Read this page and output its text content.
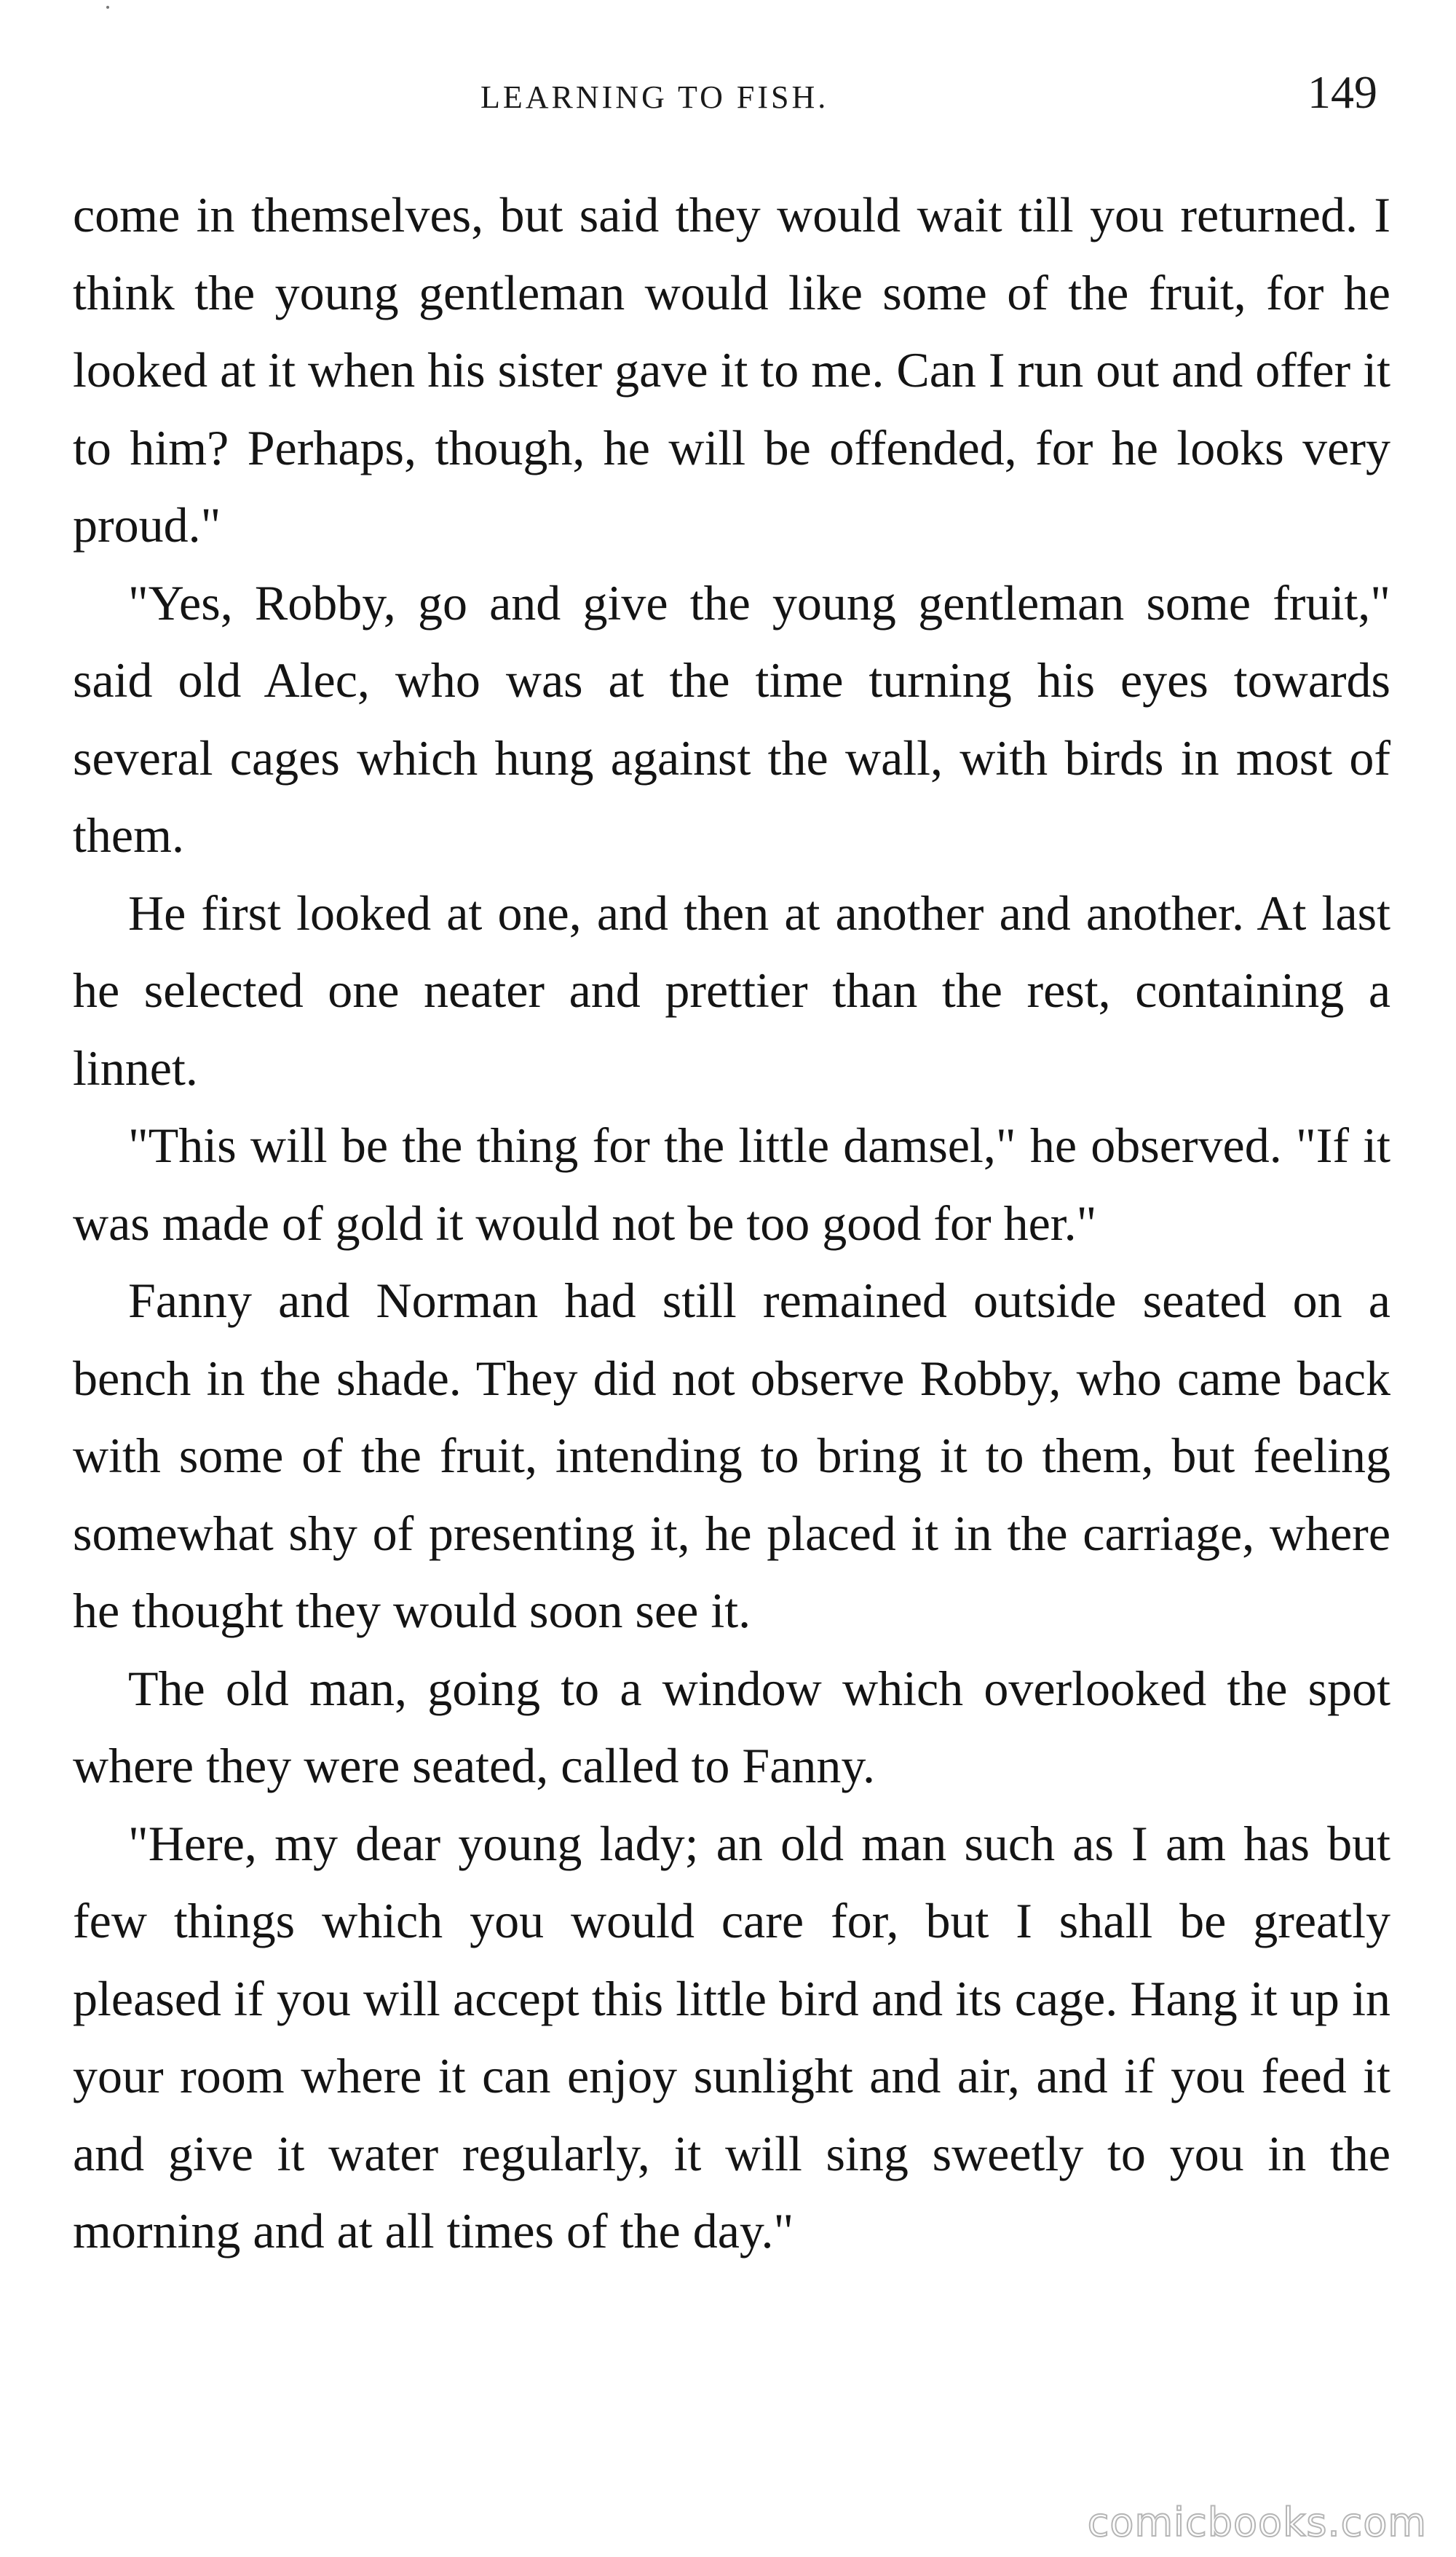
LEARNING TO FISH.	149

come in themselves, but said they would wait till you returned. I think the young gentleman would like some of the fruit, for he looked at it when his sister gave it to me. Can I run out and offer it to him? Perhaps, though, he will be offended, for he looks very proud."

"Yes, Robby, go and give the young gentleman some fruit," said old Alec, who was at the time turning his eyes towards several cages which hung against the wall, with birds in most of them.

He first looked at one, and then at another and another. At last he selected one neater and prettier than the rest, containing a linnet.

"This will be the thing for the little damsel," he observed. "If it was made of gold it would not be too good for her."

Fanny and Norman had still remained outside seated on a bench in the shade. They did not observe Robby, who came back with some of the fruit, intending to bring it to them, but feeling somewhat shy of presenting it, he placed it in the carriage, where he thought they would soon see it.

The old man, going to a window which overlooked the spot where they were seated, called to Fanny.

"Here, my dear young lady; an old man such as I am has but few things which you would care for, but I shall be greatly pleased if you will accept this little bird and its cage. Hang it up in your room where it can enjoy sunlight and air, and if you feed it and give it water regularly, it will sing sweetly to you in the morning and at all times of the day."

comicbooks.com
